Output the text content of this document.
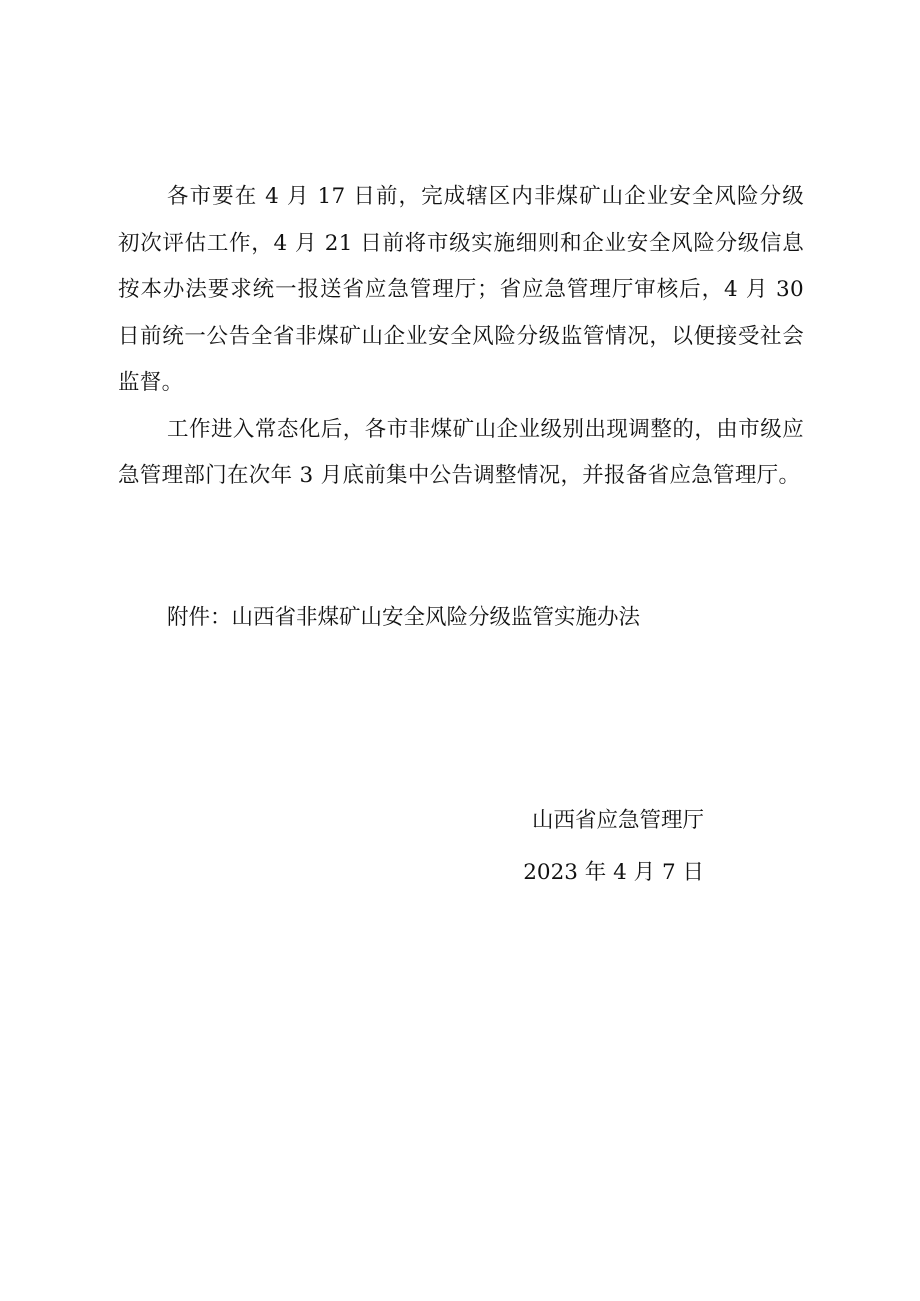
各市要在 4 月 17 日前，完成辖区内非煤矿山企业安全风险分级初次评估工作，4 月 21 日前将市级实施细则和企业安全风险分级信息按本办法要求统一报送省应急管理厅；省应急管理厅审核后，4 月 30 日前统一公告全省非煤矿山企业安全风险分级监管情况，以便接受社会监督。

工作进入常态化后，各市非煤矿山企业级别出现调整的，由市级应急管理部门在次年 3 月底前集中公告调整情况，并报备省应急管理厅。

附件：山西省非煤矿山安全风险分级监管实施办法

山西省应急管理厅

2023 年 4 月 7 日
